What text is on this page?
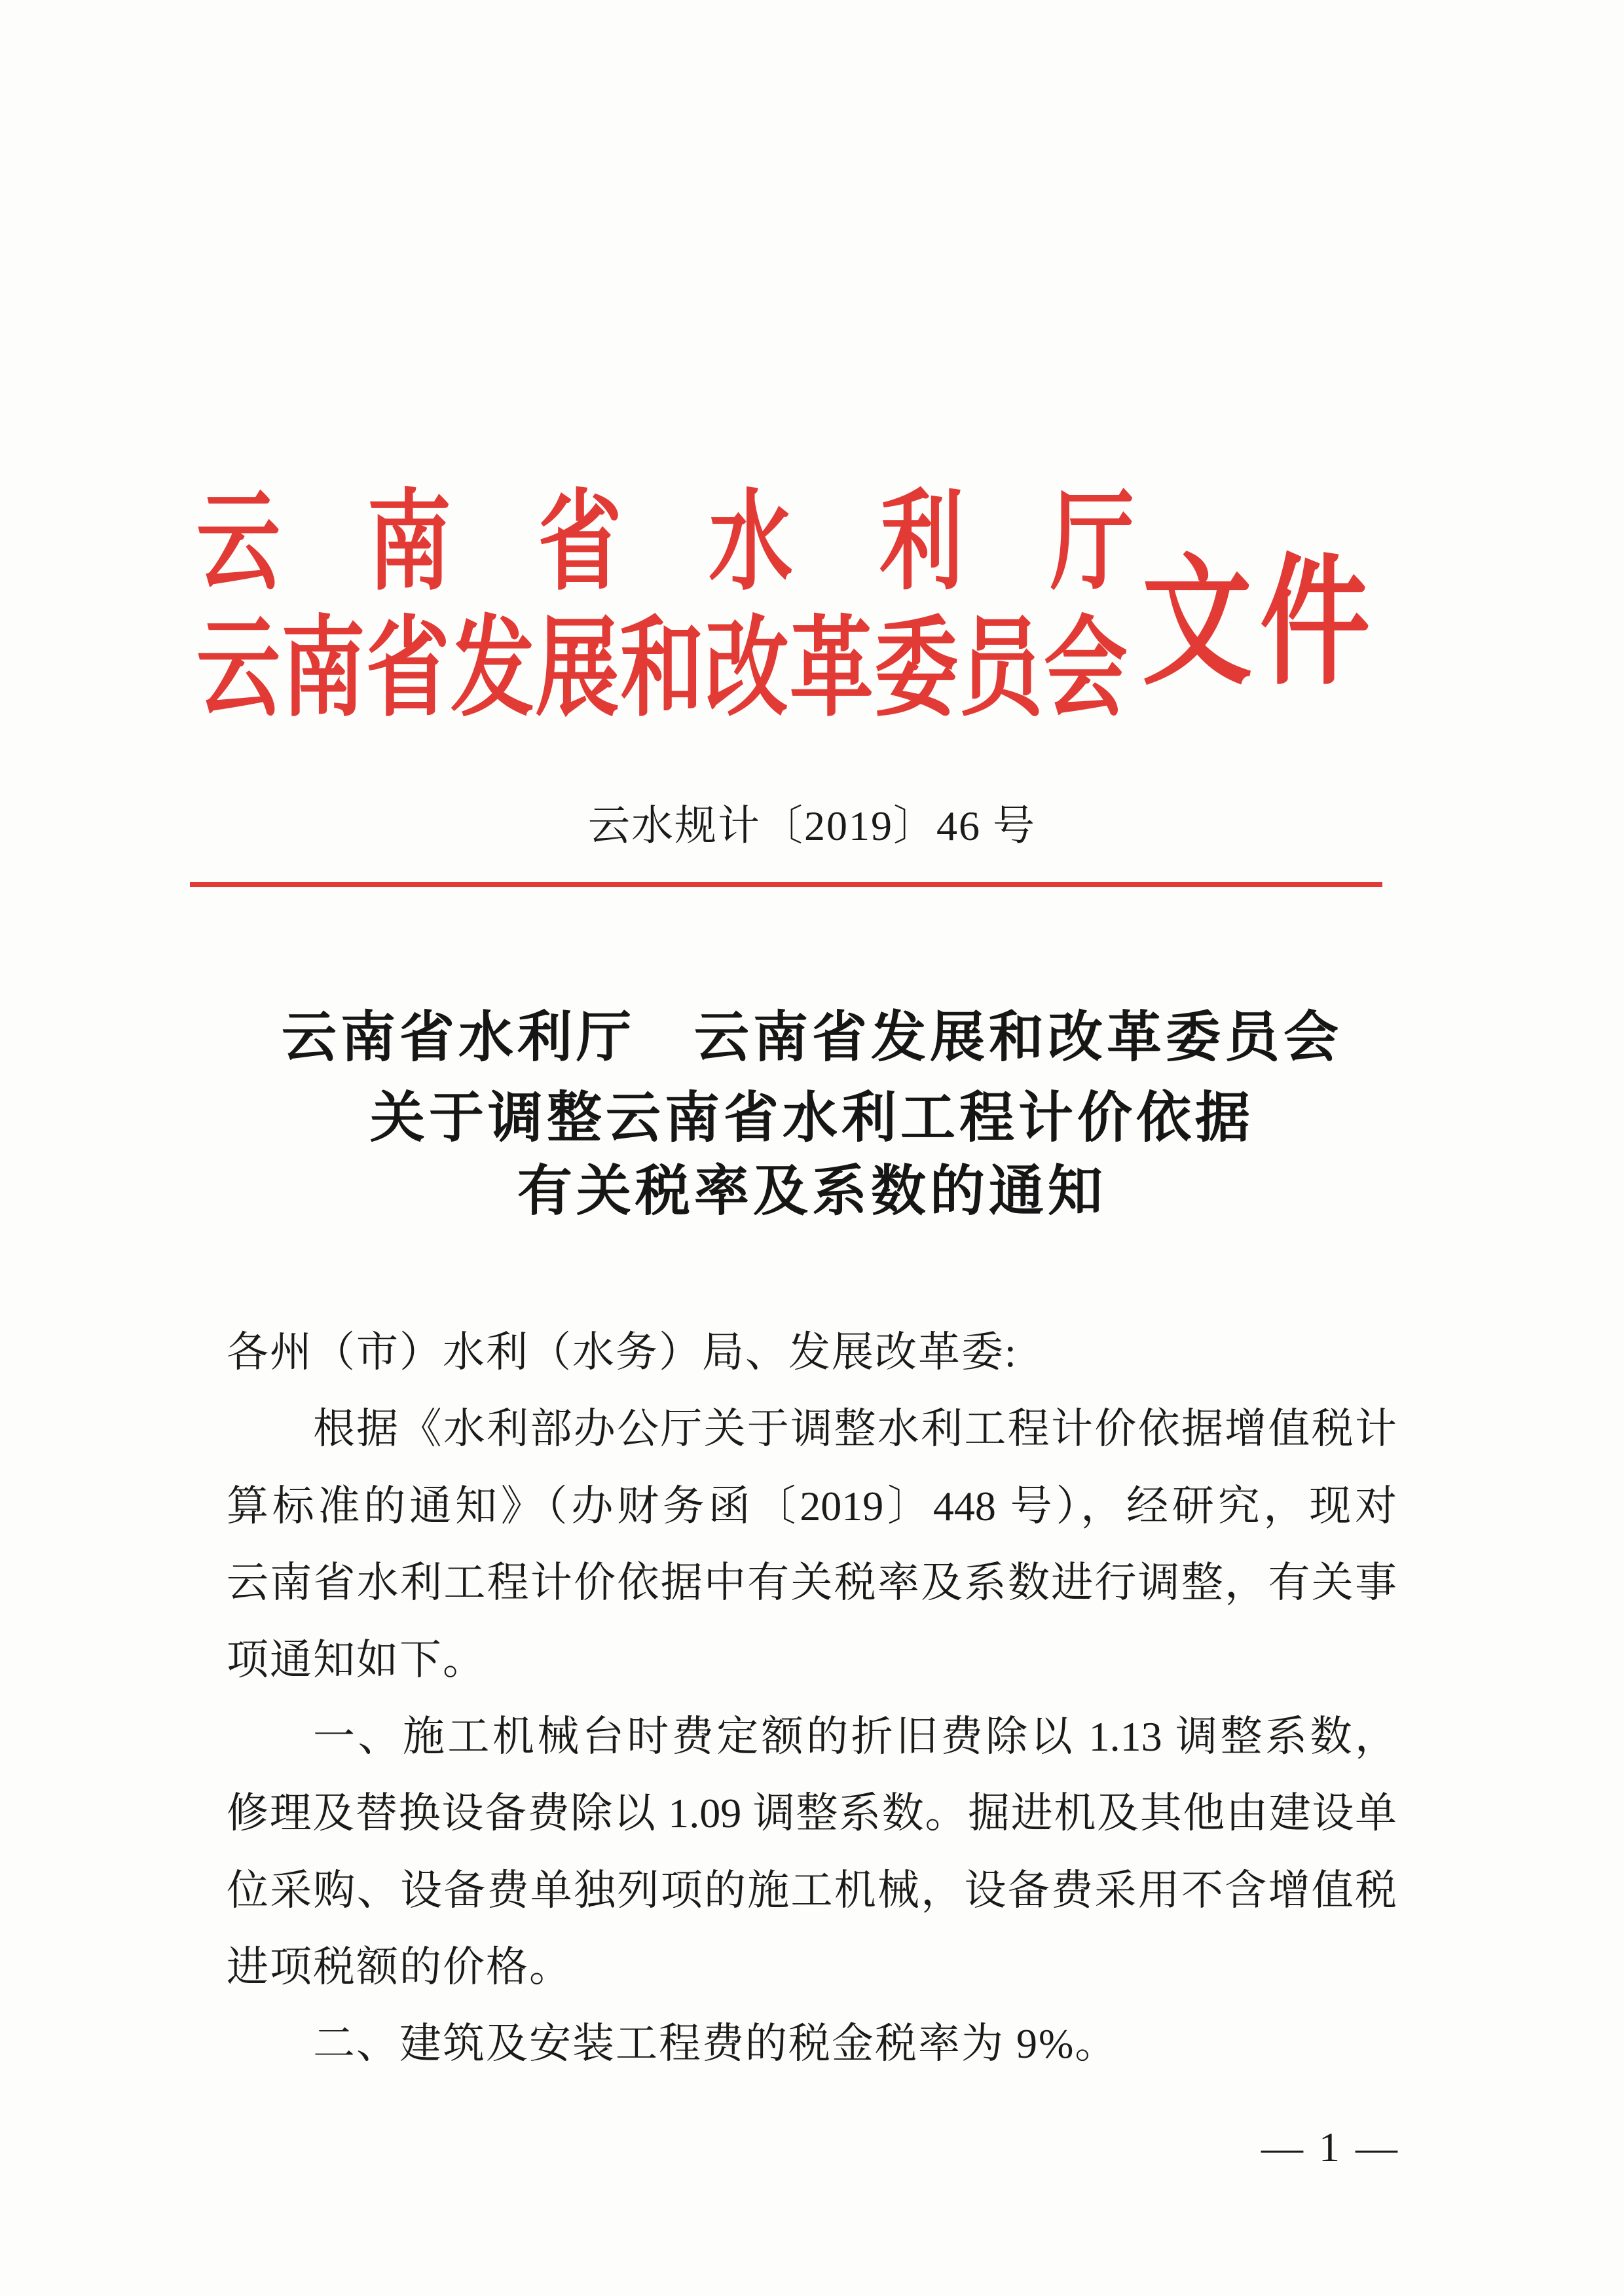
云 南 省 水 利 厅
云 南 省 发 展 和 改 革 委 员 会 文 件
云水规计〔2019〕46 号
云南省水利厅　云南省发展和改革委员会
关于调整云南省水利工程计价依据
有关税率及系数的通知
各州（市）水利（水务）局、发展改革委:
根据《水利部办公厅关于调整水利工程计价依据增值税计
算标准的通知》（办财务函〔2019〕448 号），经研究，现对
云南省水利工程计价依据中有关税率及系数进行调整，有关事
项通知如下。
一、施工机械台时费定额的折旧费除以 1.13 调整系数，
修理及替换设备费除以 1.09 调整系数。掘进机及其他由建设单
位采购、设备费单独列项的施工机械，设备费采用不含增值税
进项税额的价格。
二、建筑及安装工程费的税金税率为 9%。
— 1 —
